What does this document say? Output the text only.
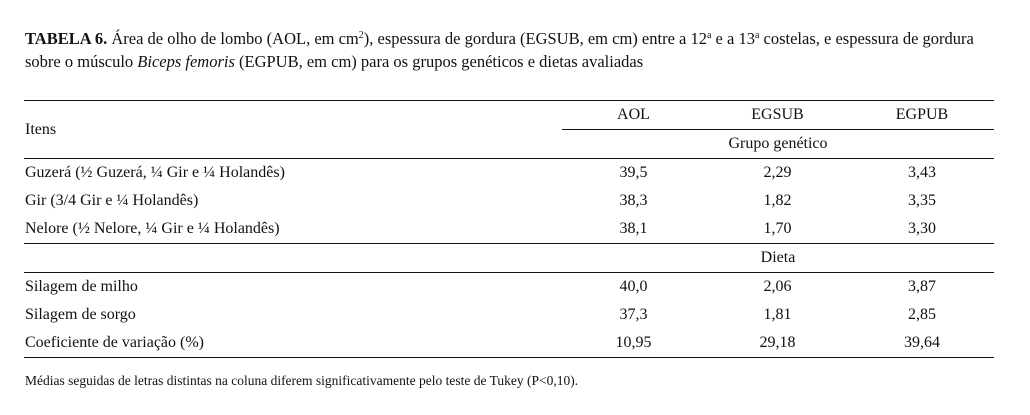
TABELA 6. Área de olho de lombo (AOL, em $cm^2$), espessura de gordura (EGSUB, em cm) entre a 12$^a$ e a 13$^a$ costelas, e espessura de gordura sobre o músculo Biceps femoris (EGPUB, em cm) para os grupos genéticos e dietas avaliadas
Itens	AOL	EGSUB	EGPUB
	Grupo genético		
Guzerá (½ Guzerá, ¼ Gir e ¼ Holandês)	39,5	2,29	3,43
Gir (3/4 Gir e ¼ Holandês)	38,3	1,82	3,35
Nelore (½ Nelore, ¼ Gir e ¼ Holandês)	38,1	1,70	3,30
	Dieta		
Silagem de milho	40,0	2,06	3,87
Silagem de sorgo	37,3	1,81	2,85
Coeficiente de variação (%)	10,95	29,18	39,64
Médias seguidas de letras distintas na coluna diferem significativamente pelo teste de Tukey (P<0,10).
